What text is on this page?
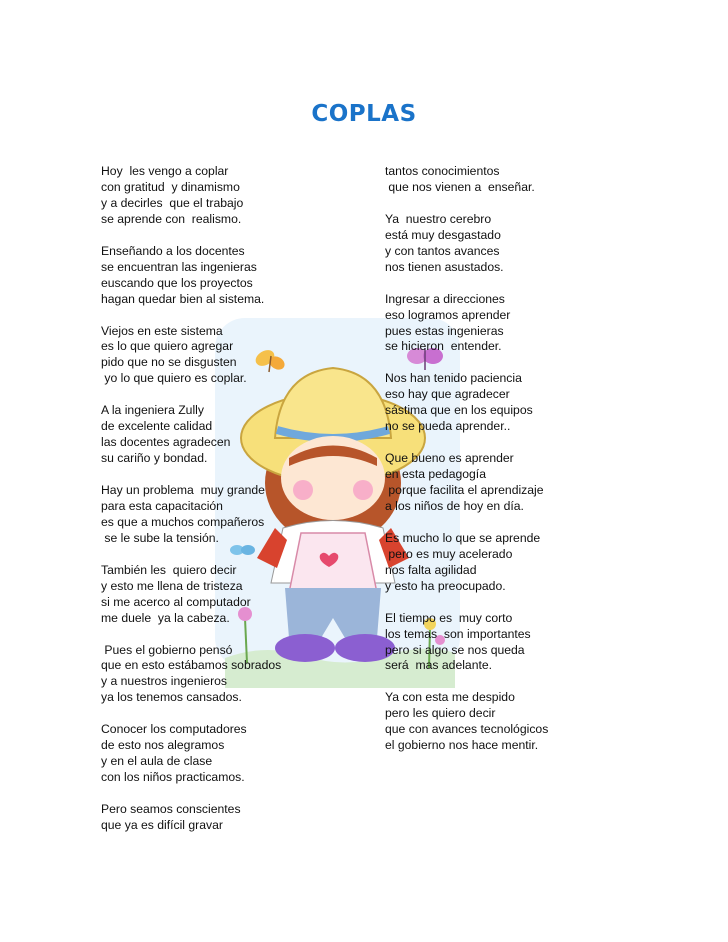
COPLAS
Hoy  les vengo a coplar
con gratitud  y dinamismo
y a decirles  que el trabajo
se aprende con  realismo.
Enseñando a los docentes
se encuentran las ingenieras
euscando que los proyectos
hagan quedar bien al sistema.
Viejos en este sistema
es lo que quiero agregar
pido que no se disgusten
yo lo que quiero es coplar.
A la ingeniera Zully
de excelente calidad
las docentes agradecen
su cariño y bondad.
Hay un problema  muy grande
para esta capacitación
es que a muchos compañeros
se le sube la tensión.
También les  quiero decir
y esto me llena de tristeza
si me acerco al computador
me duele  ya la cabeza.
Pues el gobierno pensó
que en esto estábamos sobrados
y a nuestros ingenieros
ya los tenemos cansados.
Conocer los computadores
de esto nos alegramos
y en el aula de clase
con los niños practicamos.
Pero seamos conscientes
que ya es difícil gravar
tantos conocimientos
que nos vienen a  enseñar.
Ya  nuestro cerebro
está muy desgastado
y con tantos avances
nos tienen asustados.
Ingresar a direcciones
eso logramos aprender
pues estas ingenieras
se hicieron  entender.
Nos han tenido paciencia
eso hay que agradecer
sástima que en los equipos
no se pueda aprender..
Que bueno es aprender
en esta pedagogía
porque facilita el aprendizaje
a los niños de hoy en día.
Es mucho lo que se aprende
pero es muy acelerado
nos falta agilidad
y esto ha preocupado.
El tiempo es  muy corto
los temas  son importantes
pero si algo se nos queda
será  mas adelante.
Ya con esta me despido
pero les quiero decir
que con avances tecnológicos
el gobierno nos hace mentir.
